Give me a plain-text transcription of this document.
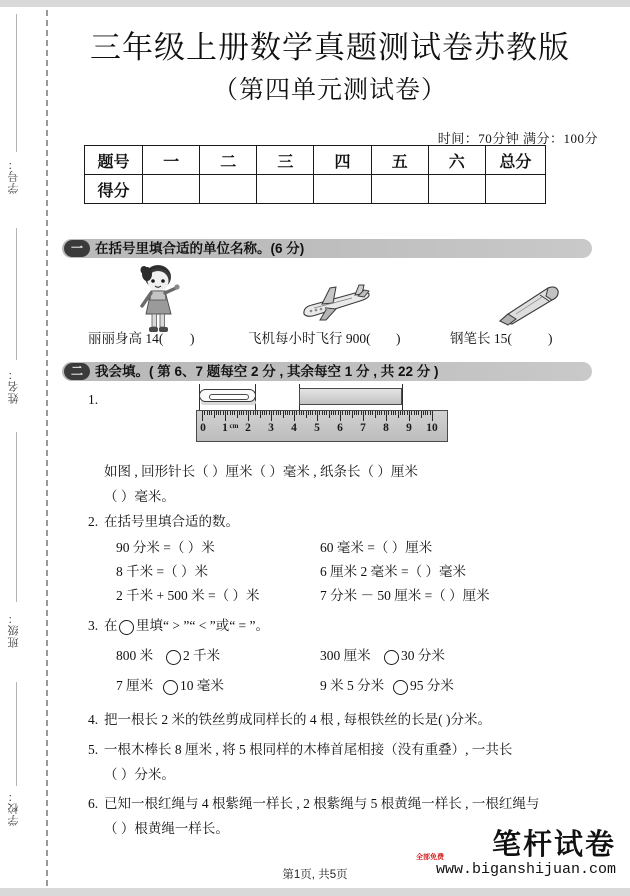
学号：
姓名：
班级：
学校：
三年级上册数学真题测试卷苏教版
（第四单元测试卷）
时间：70分钟 满分：100分
题号	一	二	三	四	五	六	总分
得分							
一 在括号里填合适的单位名称。(6 分)
丽丽身高 14( )	飞机每小时飞行 900( )	钢笔长 15(	)
二 我会填。( 第 6、7 题每空 2 分 , 其余每空 1 分 , 共 22 分 )
1.
0 1 cm 2 3 4 5 6 7 8 9 10
如图 , 回形针长（ ）厘米（ ）毫米 , 纸条长（ ）厘米
（ ）毫米。
2. 在括号里填合适的数。
90 分米 =（ ）米	60 毫米 =（ ）厘米
8 千米 =（ ）米	6 厘米 2 毫米 =（ ）毫米
2 千米 + 500 米 =（ ）米	7 分米 － 50 厘米 =（ ）厘米
3. 在 里填“ > ”“ < ”或“ = ”。
800 米 2 千米	300 厘米 30 分米
7 厘米 10 毫米	9 米 5 分米 95 分米
4. 把一根长 2 米的铁丝剪成同样长的 4 根 , 每根铁丝的长是( )分米。
5. 一根木棒长 8 厘米 , 将 5 根同样的木棒首尾相接（没有重叠）, 一共长
（ ）分米。
6. 已知一根红绳与 4 根紫绳一样长 , 2 根紫绳与 5 根黄绳一样长 , 一根红绳与
（ ）根黄绳一样长。
第1页, 共5页
笔杆试卷
全部免费
www.biganshijuan.com
